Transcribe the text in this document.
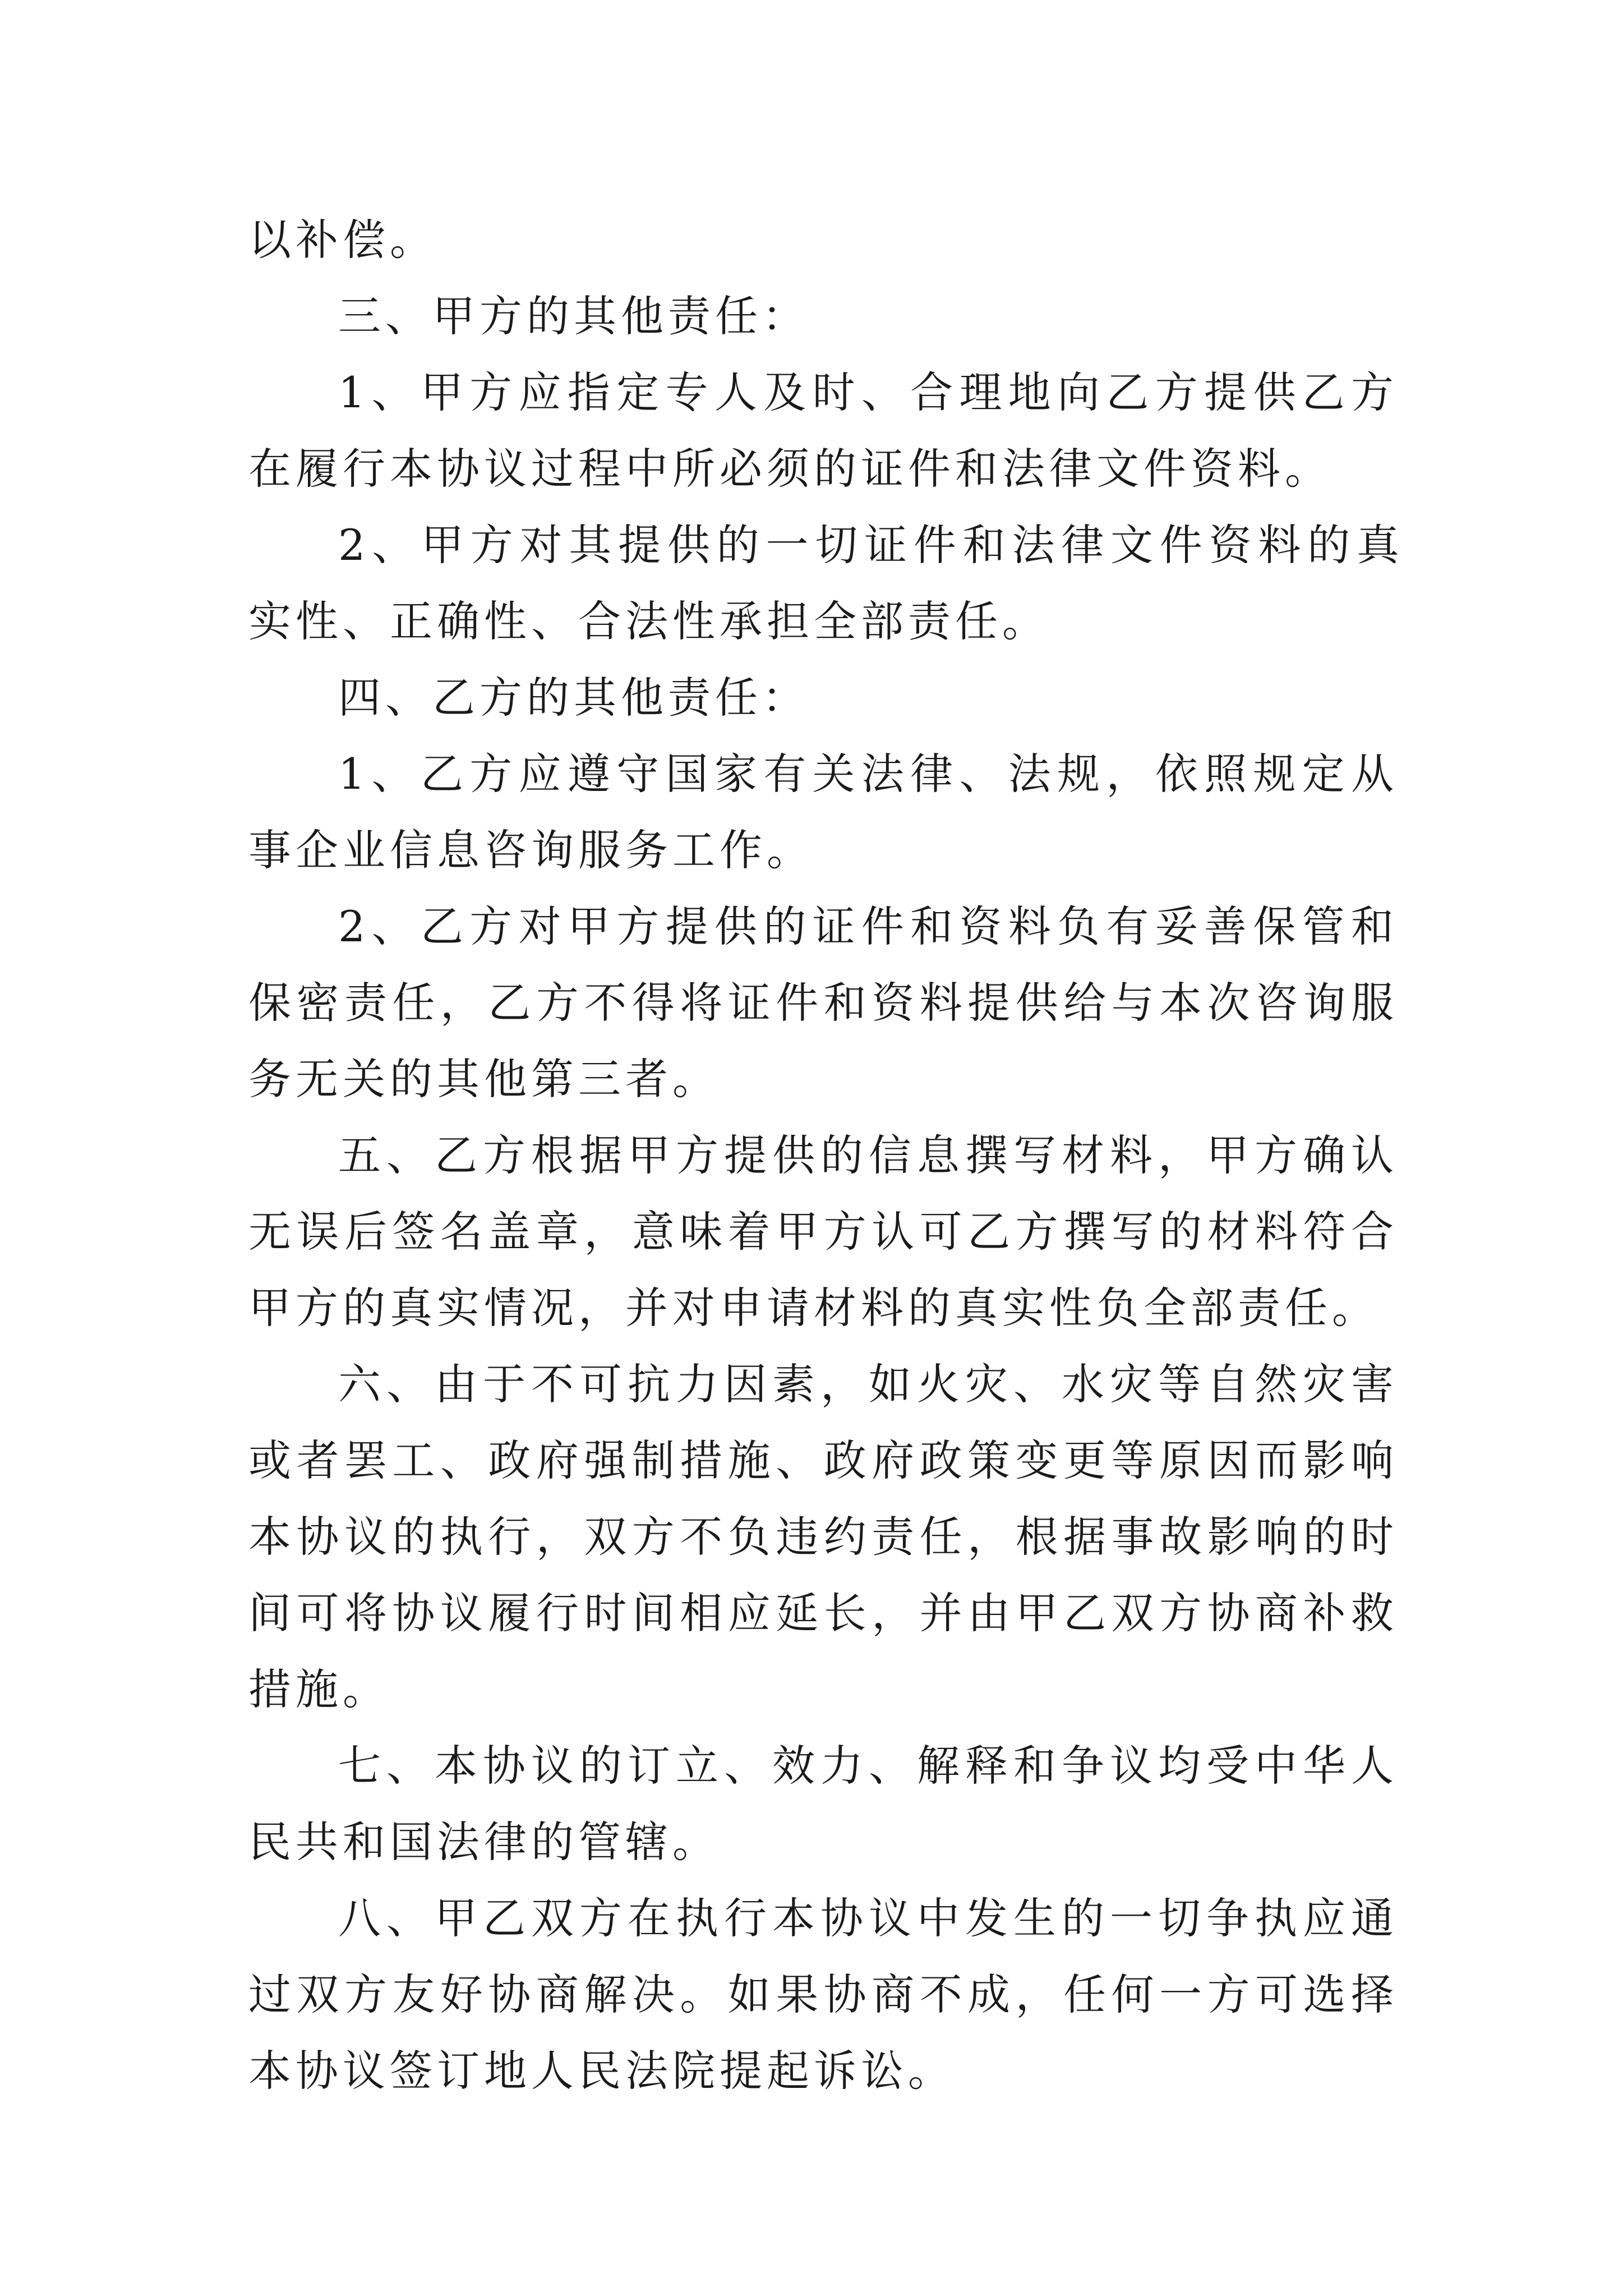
以补偿。

三、甲方的其他责任：

1、甲方应指定专人及时、合理地向乙方提供乙方在履行本协议过程中所必须的证件和法律文件资料。

2、甲方对其提供的一切证件和法律文件资料的真实性、正确性、合法性承担全部责任。

四、乙方的其他责任：

1、乙方应遵守国家有关法律、法规，依照规定从事企业信息咨询服务工作。

2、乙方对甲方提供的证件和资料负有妥善保管和保密责任，乙方不得将证件和资料提供给与本次咨询服务无关的其他第三者。

五、乙方根据甲方提供的信息撰写材料，甲方确认无误后签名盖章，意味着甲方认可乙方撰写的材料符合甲方的真实情况，并对申请材料的真实性负全部责任。

六、由于不可抗力因素，如火灾、水灾等自然灾害或者罢工、政府强制措施、政府政策变更等原因而影响本协议的执行，双方不负违约责任，根据事故影响的时间可将协议履行时间相应延长，并由甲乙双方协商补救措施。

七、本协议的订立、效力、解释和争议均受中华人民共和国法律的管辖。

八、甲乙双方在执行本协议中发生的一切争执应通过双方友好协商解决。如果协商不成，任何一方可选择本协议签订地人民法院提起诉讼。
